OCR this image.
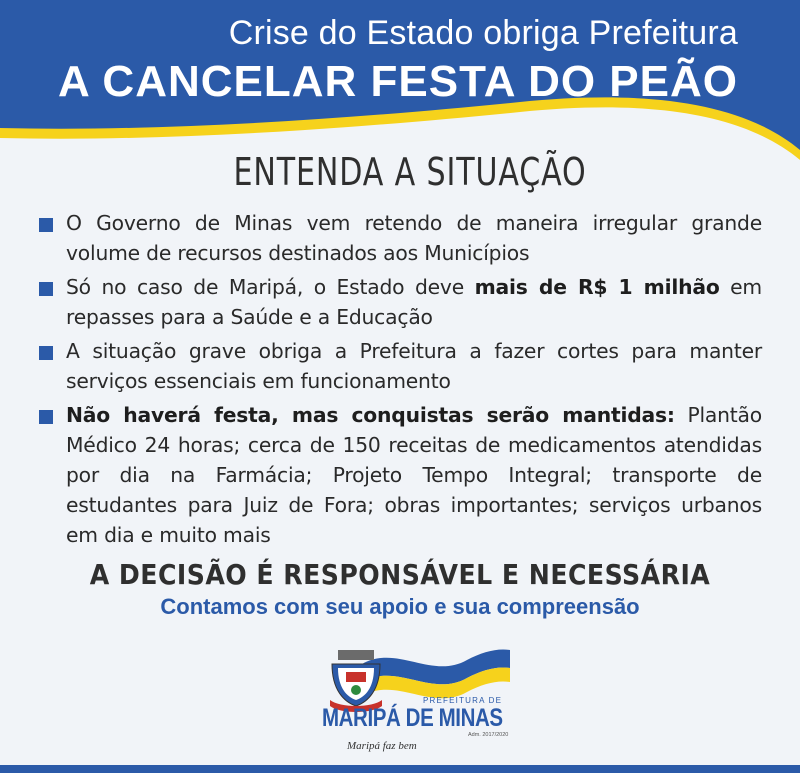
Crise do Estado obriga Prefeitura
A CANCELAR FESTA DO PEÃO
ENTENDA A SITUAÇÃO
O Governo de Minas vem retendo de maneira irregular grande volume de recursos destinados aos Municípios
Só no caso de Maripá, o Estado deve mais de R$ 1 milhão em repasses para a Saúde e a Educação
A situação grave obriga a Prefeitura a fazer cortes para manter serviços essenciais em funcionamento
Não haverá festa, mas conquistas serão mantidas: Plantão Médico 24 horas; cerca de 150 receitas de medicamentos atendidas por dia na Farmácia; Projeto Tempo Integral; transporte de estudantes para Juiz de Fora; obras importantes; serviços urbanos em dia e muito mais
A DECISÃO É RESPONSÁVEL E NECESSÁRIA
Contamos com seu apoio e sua compreensão
PREFEITURA DE
MARIPÁ DE MINAS
Adm. 2017/2020
Maripá faz bem
